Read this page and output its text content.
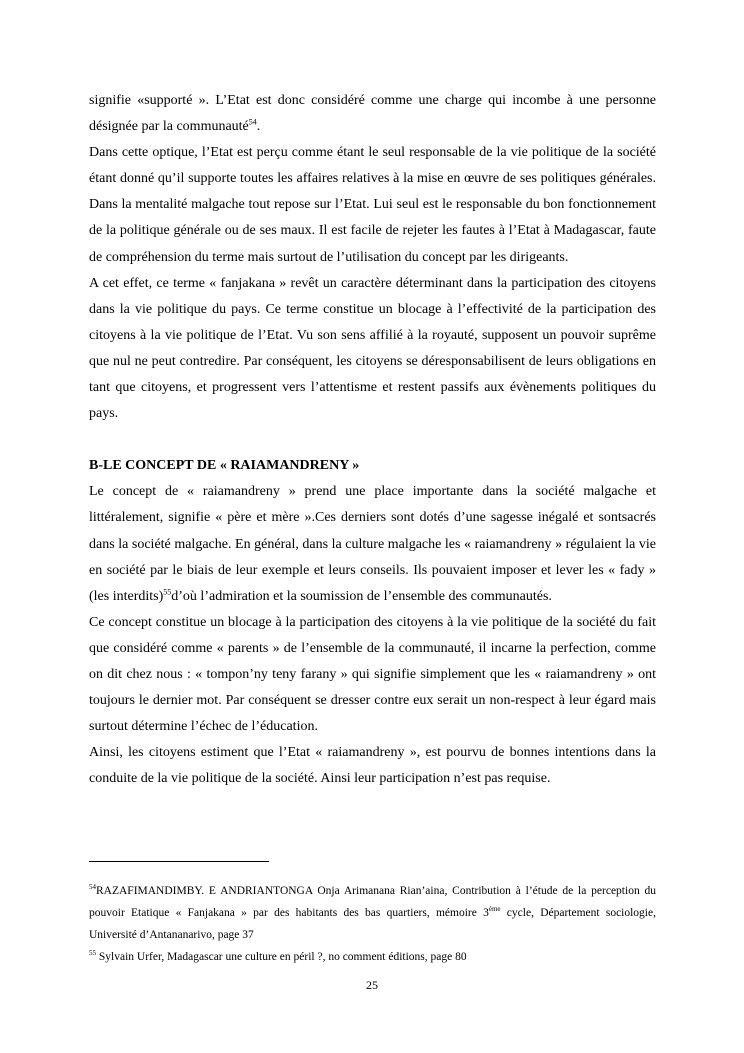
signifie «supporté ». L’Etat est donc considéré comme une charge qui incombe à une personne désignée par la communauté$^{54}$.

Dans cette optique, l’Etat est perçu comme étant le seul responsable de la vie politique de la société étant donné qu’il supporte toutes les affaires relatives à la mise en œuvre de ses politiques générales. Dans la mentalité malgache tout repose sur l’Etat. Lui seul est le responsable du bon fonctionnement de la politique générale ou de ses maux. Il est facile de rejeter les fautes à l’Etat à Madagascar, faute de compréhension du terme mais surtout de l’utilisation du concept par les dirigeants.

A cet effet, ce terme « fanjakana » revêt un caractère déterminant dans la participation des citoyens dans la vie politique du pays. Ce terme constitue un blocage à l’effectivité de la participation des citoyens à la vie politique de l’Etat. Vu son sens affilié à la royauté, supposent un pouvoir suprême que nul ne peut contredire. Par conséquent, les citoyens se déresponsabilisent de leurs obligations en tant que citoyens, et progressent vers l’attentisme et restent passifs aux évènements politiques du pays.

B-LE CONCEPT DE « RAIAMANDRENY »

Le concept de « raiamandreny » prend une place importante dans la société malgache et littéralement, signifie « père et mère ».Ces derniers sont dotés d’une sagesse inégalé et sontsacrés dans la société malgache. En général, dans la culture malgache les « raiamandreny » régulaient la vie en société par le biais de leur exemple et leurs conseils. Ils pouvaient imposer et lever les « fady » (les interdits)$^{55}$d’où l’admiration et la soumission de l’ensemble des communautés.

Ce concept constitue un blocage à la participation des citoyens à la vie politique de la société du fait que considéré comme « parents » de l’ensemble de la communauté, il incarne la perfection, comme on dit chez nous : « tompon’ny teny farany » qui signifie simplement que les « raiamandreny » ont toujours le dernier mot. Par conséquent se dresser contre eux serait un non-respect à leur égard mais surtout détermine l’échec de l’éducation.

Ainsi, les citoyens estiment que l’Etat « raiamandreny », est pourvu de bonnes intentions dans la conduite de la vie politique de la société. Ainsi leur participation n’est pas requise.

$^{54}$RAZAFIMANDIMBY. E ANDRIANTONGA Onja Arimanana Rian’aina, Contribution à l’étude de la perception du pouvoir Etatique « Fanjakana » par des habitants des bas quartiers, mémoire 3ème cycle, Département sociologie, Université d’Antananarivo, page 37

$^{55}$ Sylvain Urfer, Madagascar une culture en péril ?, no comment éditions, page 80

25
